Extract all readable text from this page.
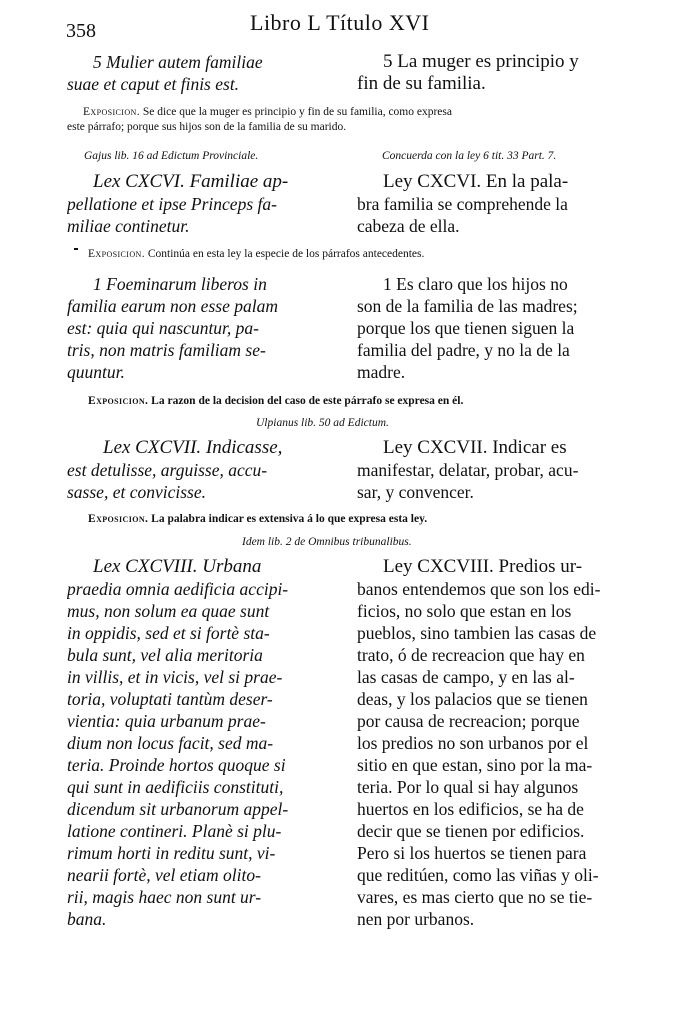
358	Libro L Título XVI
5 Mulier autem familiae
suae et caput et finis est.
5 La muger es principio y
fin de su familia.
Exposicion. Se dice que la muger es principio y fin de su familia, como expresa
este párrafo; porque sus hijos son de la familia de su marido.
Gajus lib. 16 ad Edictum Provinciale.	Concuerda con la ley 6 tit. 33 Part. 7.
Lex CXCVI. Familiae ap-
pellatione et ipse Princeps fa-
miliae continetur.
Ley CXCVI. En la pala-
bra familia se comprehende la
cabeza de ella.
Exposicion. Continúa en esta ley la especie de los párrafos antecedentes.
1 Foeminarum liberos in
familia earum non esse palam
est: quia qui nascuntur, pa-
tris, non matris familiam se-
quuntur.
1 Es claro que los hijos no
son de la familia de las madres;
porque los que tienen siguen la
familia del padre, y no la de la
madre.
Exposicion. La razon de la decision del caso de este párrafo se expresa en él.
Ulpianus lib. 50 ad Edictum.
Lex CXCVII. Indicasse,
est detulisse, arguisse, accu-
sasse, et convicisse.
Ley CXCVII. Indicar es
manifestar, delatar, probar, acu-
sar, y convencer.
Exposicion. La palabra indicar es extensiva á lo que expresa esta ley.
Idem lib. 2 de Omnibus tribunalibus.
Lex CXCVIII. Urbana
praedia omnia aedificia accipi-
mus, non solum ea quae sunt
in oppidis, sed et si fortè sta-
bula sunt, vel alia meritoria
in villis, et in vicis, vel si prae-
toria, voluptati tantùm deser-
vientia: quia urbanum prae-
dium non locus facit, sed ma-
teria. Proinde hortos quoque si
qui sunt in aedificiis constituti,
dicendum sit urbanorum appel-
latione contineri. Planè si plu-
rimum horti in reditu sunt, vi-
nearii fortè, vel etiam olito-
rii, magis haec non sunt ur-
bana.
Ley CXCVIII. Predios ur-
banos entendemos que son los edi-
ficios, no solo que estan en los
pueblos, sino tambien las casas de
trato, ó de recreacion que hay en
las casas de campo, y en las al-
deas, y los palacios que se tienen
por causa de recreacion; porque
los predios no son urbanos por el
sitio en que estan, sino por la ma-
teria. Por lo qual si hay algunos
huertos en los edificios, se ha de
decir que se tienen por edificios.
Pero si los huertos se tienen para
que reditúen, como las viñas y oli-
vares, es mas cierto que no se tie-
nen por urbanos.
